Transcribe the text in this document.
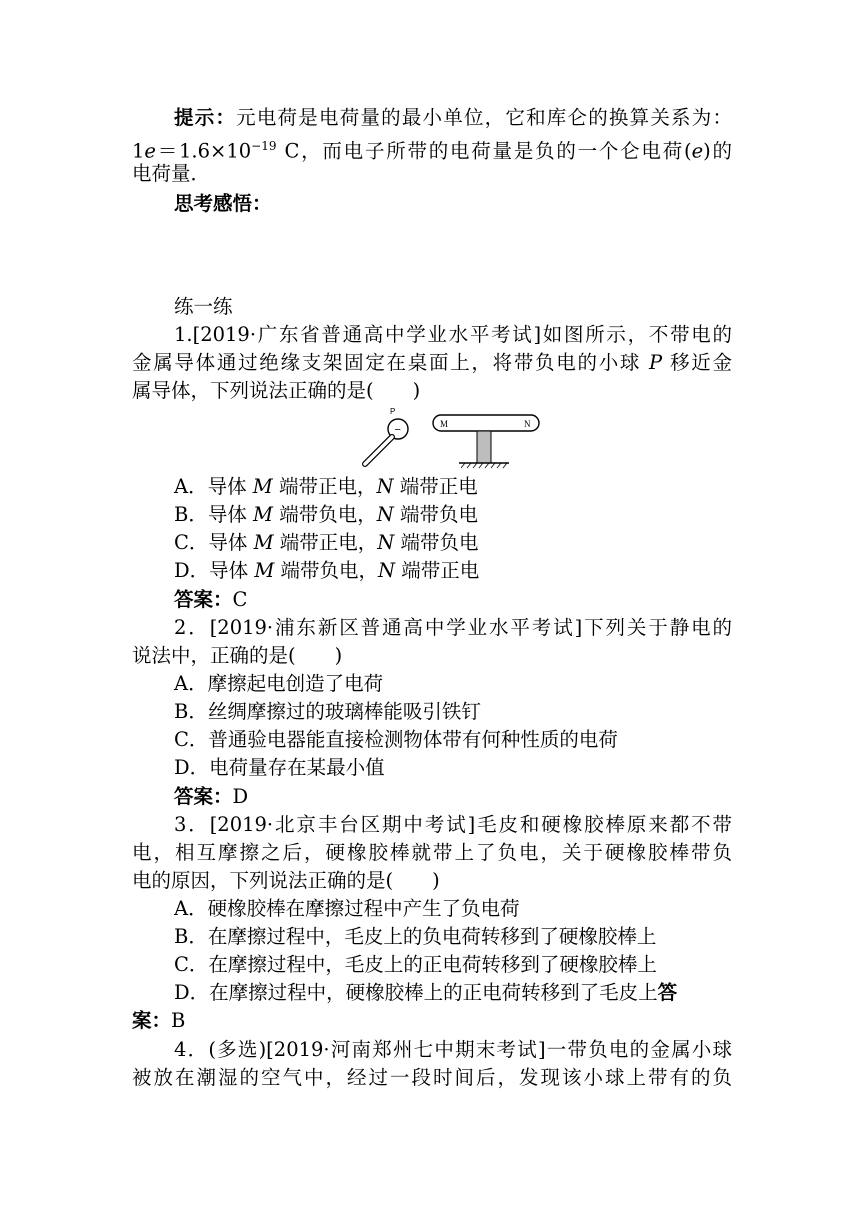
提示：元电荷是电荷量的最小单位，它和库仑的换算关系为：
$1e=1.6\times 10^{-19}$ C，而电子所带的电荷量是负的一个仑电荷(e)的
电荷量．
思考感悟：
练一练
1.[2019·广东省普通高中学业水平考试]如图所示，不带电的
金属导体通过绝缘支架固定在桌面上，将带负电的小球 P 移近金
属导体，下列说法正确的是(　　)
P
−	M	N
A．导体 M 端带正电，N 端带正电
B．导体 M 端带负电，N 端带负电
C．导体 M 端带正电，N 端带负电
D．导体 M 端带负电，N 端带正电
答案：C
2．[2019·浦东新区普通高中学业水平考试]下列关于静电的
说法中，正确的是(　　)
A．摩擦起电创造了电荷
B．丝绸摩擦过的玻璃棒能吸引铁钉
C．普通验电器能直接检测物体带有何种性质的电荷
D．电荷量存在某最小值
答案：D
3．[2019·北京丰台区期中考试]毛皮和硬橡胶棒原来都不带
电，相互摩擦之后，硬橡胶棒就带上了负电，关于硬橡胶棒带负
电的原因，下列说法正确的是(　　)
A．硬橡胶棒在摩擦过程中产生了负电荷
B．在摩擦过程中，毛皮上的负电荷转移到了硬橡胶棒上
C．在摩擦过程中，毛皮上的正电荷转移到了硬橡胶棒上
D．在摩擦过程中，硬橡胶棒上的正电荷转移到了毛皮上答
案：B
4．(多选)[2019·河南郑州七中期末考试]一带负电的金属小球
被放在潮湿的空气中，经过一段时间后，发现该小球上带有的负
